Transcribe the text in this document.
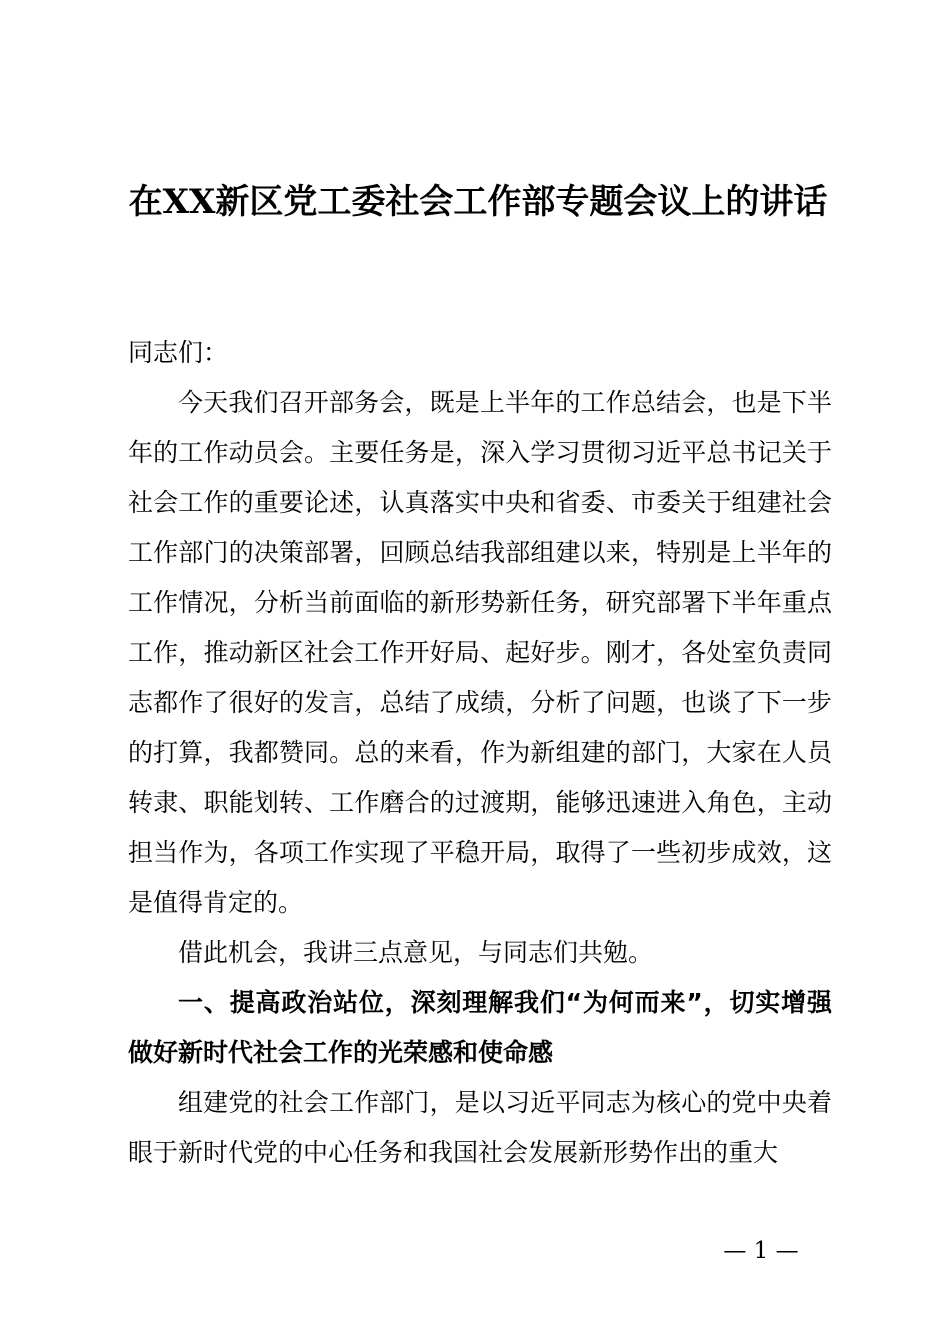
在XX新区党工委社会工作部专题会议上的讲话

同志们：

今天我们召开部务会，既是上半年的工作总结会，也是下半年的工作动员会。主要任务是，深入学习贯彻习近平总书记关于社会工作的重要论述，认真落实中央和省委、市委关于组建社会工作部门的决策部署，回顾总结我部组建以来，特别是上半年的工作情况，分析当前面临的新形势新任务，研究部署下半年重点工作，推动新区社会工作开好局、起好步。刚才，各处室负责同志都作了很好的发言，总结了成绩，分析了问题，也谈了下一步的打算，我都赞同。总的来看，作为新组建的部门，大家在人员转隶、职能划转、工作磨合的过渡期，能够迅速进入角色，主动担当作为，各项工作实现了平稳开局，取得了一些初步成效，这是值得肯定的。

借此机会，我讲三点意见，与同志们共勉。

一、提高政治站位，深刻理解我们“为何而来”，切实增强做好新时代社会工作的光荣感和使命感

组建党的社会工作部门，是以习近平同志为核心的党中央着眼于新时代党的中心任务和我国社会发展新形势作出的重大

— 1 —
